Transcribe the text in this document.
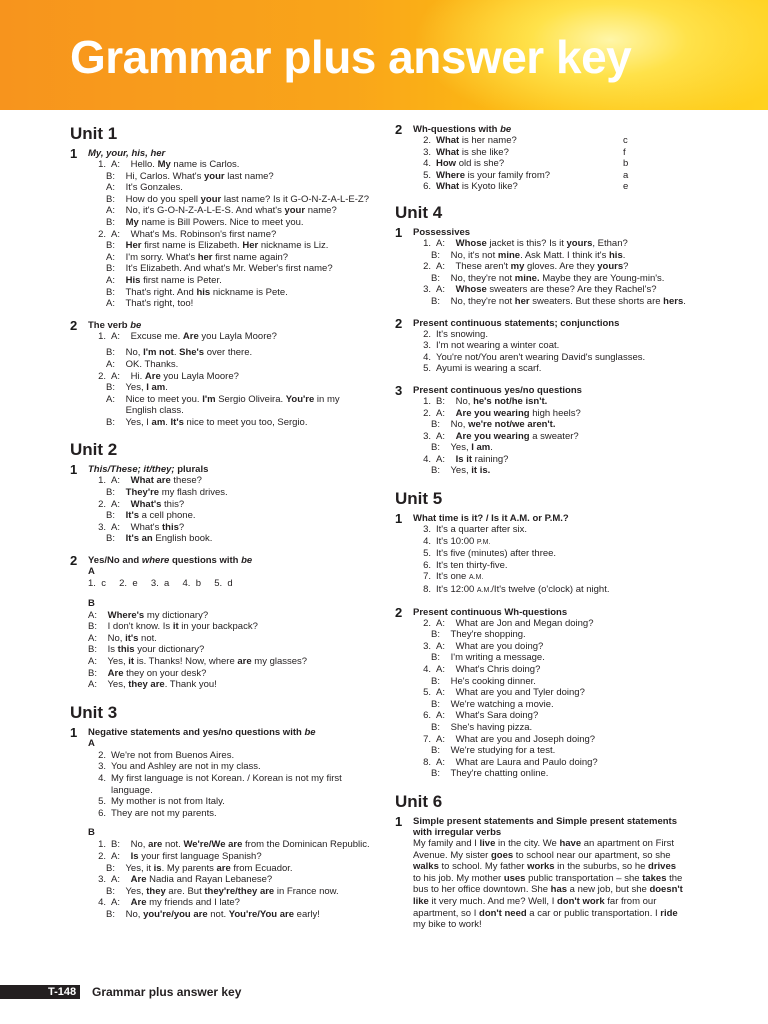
Grammar plus answer key
Unit 1
1 My, your, his, her
1. A: Hello. My name is Carlos.
B: Hi, Carlos. What's your last name?
A: It's Gonzales.
B: How do you spell your last name? Is it G-O-N-Z-A-L-E-Z?
A: No, it's G-O-N-Z-A-L-E-S. And what's your name?
B: My name is Bill Powers. Nice to meet you.
2. A: What's Ms. Robinson's first name?
B: Her first name is Elizabeth. Her nickname is Liz.
A: I'm sorry. What's her first name again?
B: It's Elizabeth. And what's Mr. Weber's first name?
A: His first name is Peter.
B: That's right. And his nickname is Pete.
A: That's right, too!
2 The verb be
1. A: Excuse me. Are you Layla Moore?
B: No, I'm not. She's over there.
A: OK. Thanks.
2. A: Hi. Are you Layla Moore?
B: Yes, I am.
A: Nice to meet you. I'm Sergio Oliveira. You're in my
English class.
B: Yes, I am. It's nice to meet you too, Sergio.
Unit 2
1 This/These; it/they; plurals
1. A: What are these?
B: They're my flash drives.
2. A: What's this?
B: It's a cell phone.
3. A: What's this?
B: It's an English book.
2 Yes/No and where questions with be
A
1.  c     2.  e     3.  a     4.  b     5.  d
B
A: Where's my dictionary?
B: I don't know. Is it in your backpack?
A: No, it's not.
B: Is this your dictionary?
A: Yes, it is. Thanks! Now, where are my glasses?
B: Are they on your desk?
A: Yes, they are. Thank you!
Unit 3
1 Negative statements and yes/no questions with be
A
2. We're not from Buenos Aires.
3. You and Ashley are not in my class.
4. My first language is not Korean. / Korean is not my first
language.
5. My mother is not from Italy.
6. They are not my parents.
B
1. B: No, are not. We're/We are from the Dominican Republic.
2. A: Is your first language Spanish?
B: Yes, it is. My parents are from Ecuador.
3. A: Are Nadia and Rayan Lebanese?
B: Yes, they are. But they're/they are in France now.
4. A: Are my friends and I late?
B: No, you're/you are not. You're/You are early!
2 Wh-questions with be
2. What is her name?	c
3. What is she like?	f
4. How old is she?	b
5. Where is your family from?	a
6. What is Kyoto like?	e
Unit 4
1 Possessives
1. A: Whose jacket is this? Is it yours, Ethan?
B: No, it's not mine. Ask Matt. I think it's his.
2. A: These aren't my gloves. Are they yours?
B: No, they're not mine. Maybe they are Young-min's.
3. A: Whose sweaters are these? Are they Rachel's?
B: No, they're not her sweaters. But these shorts are hers.
2 Present continuous statements; conjunctions
2. It's snowing.
3. I'm not wearing a winter coat.
4. You're not/You aren't wearing David's sunglasses.
5. Ayumi is wearing a scarf.
3 Present continuous yes/no questions
1. B: No, he's not/he isn't.
2. A: Are you wearing high heels?
B: No, we're not/we aren't.
3. A: Are you wearing a sweater?
B: Yes, I am.
4. A: Is it raining?
B: Yes, it is.
Unit 5
1 What time is it? / Is it A.M. or P.M.?
3. It's a quarter after six.
4. It's 10:00 P.M.
5. It's five (minutes) after three.
6. It's ten thirty-five.
7. It's one A.M.
8. It's 12:00 A.M./It's twelve (o'clock) at night.
2 Present continuous Wh-questions
2. A: What are Jon and Megan doing?
B: They're shopping.
3. A: What are you doing?
B: I'm writing a message.
4. A: What's Chris doing?
B: He's cooking dinner.
5. A: What are you and Tyler doing?
B: We're watching a movie.
6. A: What's Sara doing?
B: She's having pizza.
7. A: What are you and Joseph doing?
B: We're studying for a test.
8. A: What are Laura and Paulo doing?
B: They're chatting online.
Unit 6
1 Simple present statements and Simple present statements
with irregular verbs
My family and I live in the city. We have an apartment on First
Avenue. My sister goes to school near our apartment, so she
walks to school. My father works in the suburbs, so he drives
to his job. My mother uses public transportation – she takes the
bus to her office downtown. She has a new job, but she doesn't
like it very much. And me? Well, I don't work far from our
apartment, so I don't need a car or public transportation. I ride
my bike to work!
T-148	Grammar plus answer key
